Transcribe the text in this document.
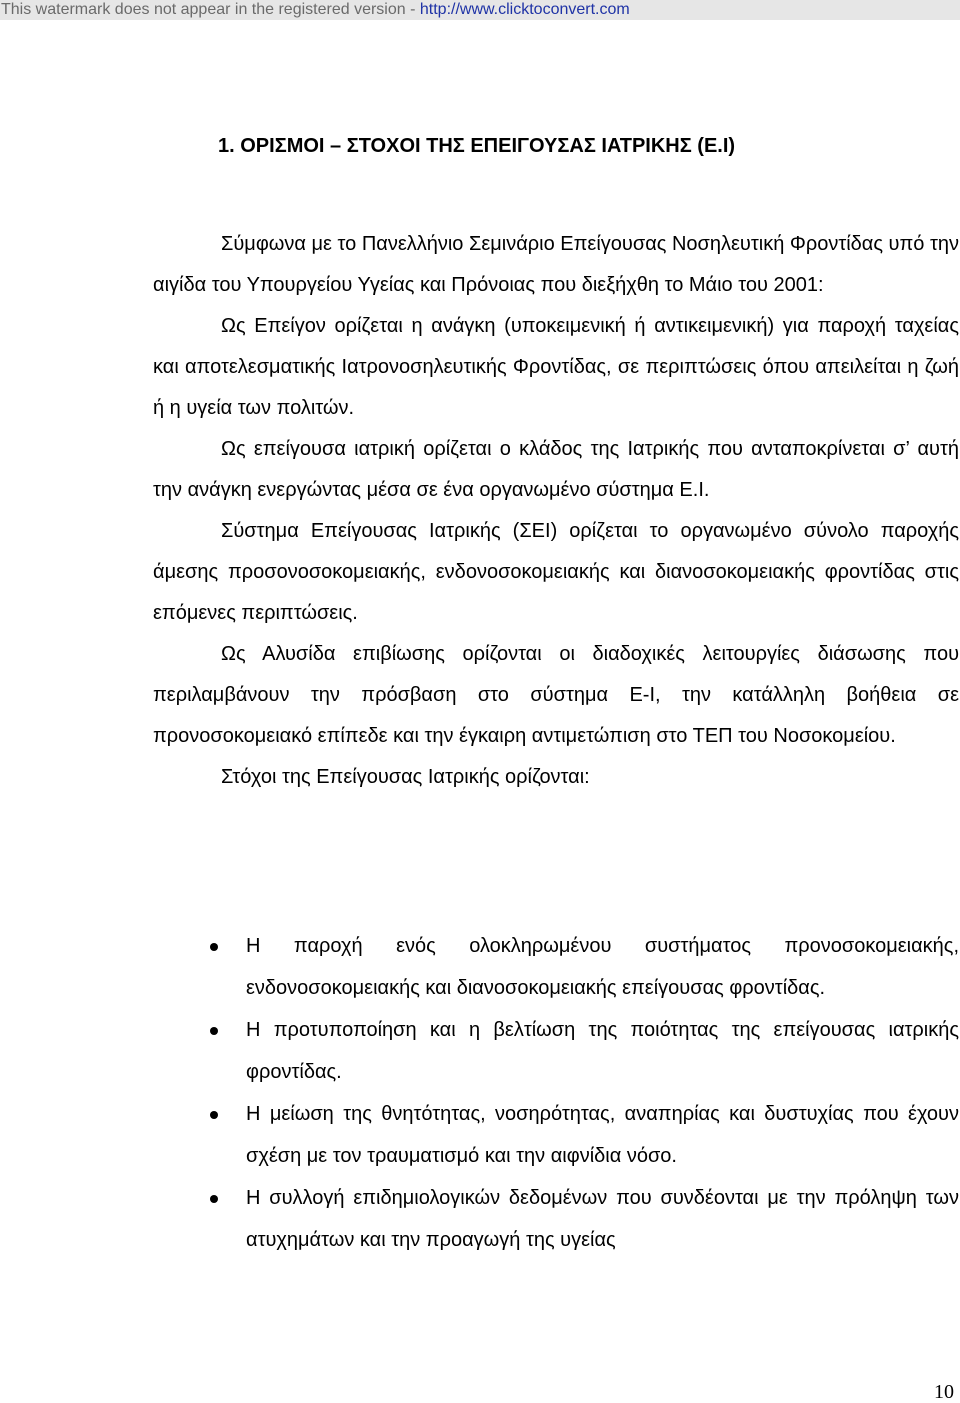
This watermark does not appear in the registered version - http://www.clicktoconvert.com
1. ΟΡΙΣΜΟΙ – ΣΤΟΧΟΙ ΤΗΣ ΕΠΕΙΓΟΥΣΑΣ ΙΑΤΡΙΚΗΣ (Ε.Ι)

Σύμφωνα με το Πανελλήνιο Σεμινάριο Επείγουσας Νοσηλευτική Φροντίδας υπό την αιγίδα του Υπουργείου Υγείας και Πρόνοιας που διεξήχθη το Μάιο του 2001:

Ως Επείγον ορίζεται η ανάγκη (υποκειμενική ή αντικειμενική) για παροχή ταχείας και αποτελεσματικής Ιατρονοσηλευτικής Φροντίδας, σε περιπτώσεις όπου απειλείται η ζωή ή η υγεία των πολιτών.

Ως επείγουσα ιατρική ορίζεται ο κλάδος της Ιατρικής που ανταποκρίνεται σ’ αυτή την ανάγκη ενεργώντας μέσα σε ένα οργανωμένο σύστημα Ε.Ι.

Σύστημα Επείγουσας Ιατρικής (ΣΕΙ) ορίζεται το οργανωμένο σύνολο παροχής άμεσης προσονοσοκομειακής, ενδονοσοκομειακής και διανοσοκομειακής φροντίδας στις επόμενες περιπτώσεις.

Ως Αλυσίδα επιβίωσης ορίζονται οι διαδοχικές λειτουργίες διάσωσης που περιλαμβάνουν την πρόσβαση στο σύστημα Ε-Ι, την κατάλληλη βοήθεια σε προνοσοκομειακό επίπεδε και την έγκαιρη αντιμετώπιση στο ΤΕΠ του Νοσοκομείου.

Στόχοι της Επείγουσας Ιατρικής ορίζονται:

Η παροχή ενός ολοκληρωμένου συστήματος προνοσοκομειακής, ενδονοσοκομειακής και διανοσοκομειακής επείγουσας φροντίδας.
Η προτυποποίηση και η βελτίωση της ποιότητας της επείγουσας ιατρικής φροντίδας.
Η μείωση της θνητότητας, νοσηρότητας, αναπηρίας και δυστυχίας που έχουν σχέση με τον τραυματισμό και την αιφνίδια νόσο.
Η συλλογή επιδημιολογικών δεδομένων που συνδέονται με την πρόληψη των ατυχημάτων και την προαγωγή της υγείας
10
